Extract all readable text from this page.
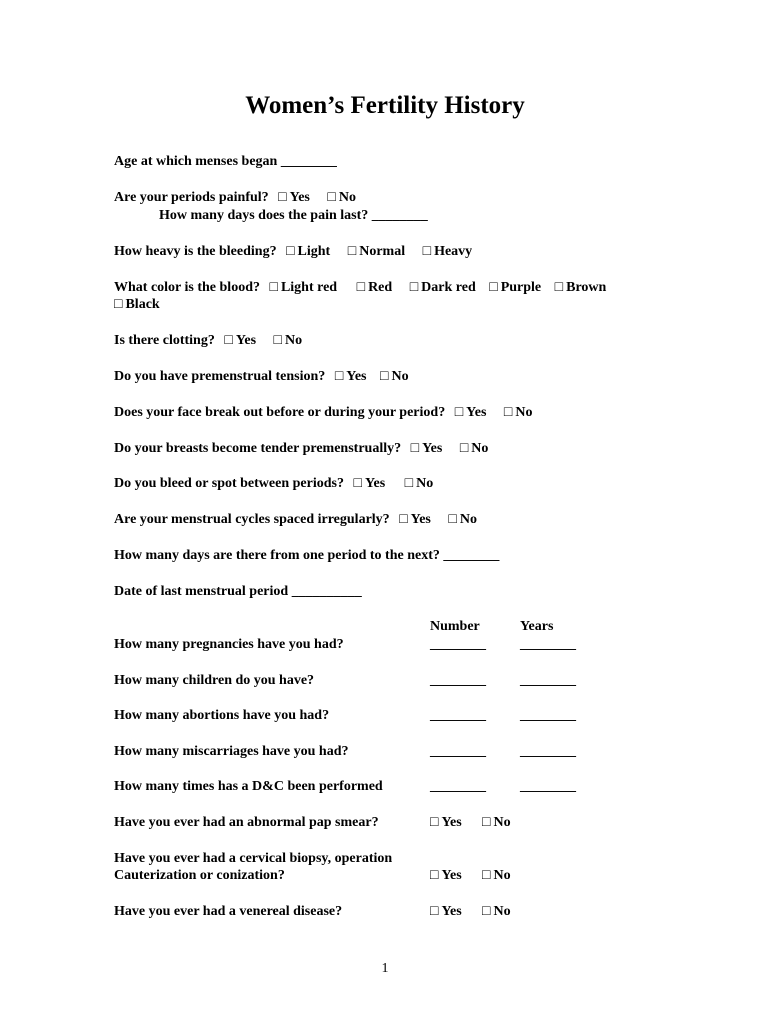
Women’s Fertility History
Age at which menses began ________
Are your periods painful? □ Yes □ No
How many days does the pain last? ________
How heavy is the bleeding? □ Light □ Normal □ Heavy
What color is the blood? □ Light red □ Red □ Dark red □ Purple □ Brown
□ Black
Is there clotting? □ Yes □ No
Do you have premenstrual tension? □ Yes □ No
Does your face break out before or during your period? □ Yes □ No
Do your breasts become tender premenstrually? □ Yes □ No
Do you bleed or spot between periods? □ Yes □ No
Are your menstrual cycles spaced irregularly? □ Yes □ No
How many days are there from one period to the next? ________
Date of last menstrual period __________
Number	Years
How many pregnancies have you had?	________ ________
How many children do you have?	________ ________
How many abortions have you had?	________ ________
How many miscarriages have you had?	________ ________
How many times has a D&C been performed	________ ________
Have you ever had an abnormal pap smear?	□ Yes □ No
Have you ever had a cervical biopsy, operation
Cauterization or conization?	□ Yes □ No
Have you ever had a venereal disease?	□ Yes □ No
1
